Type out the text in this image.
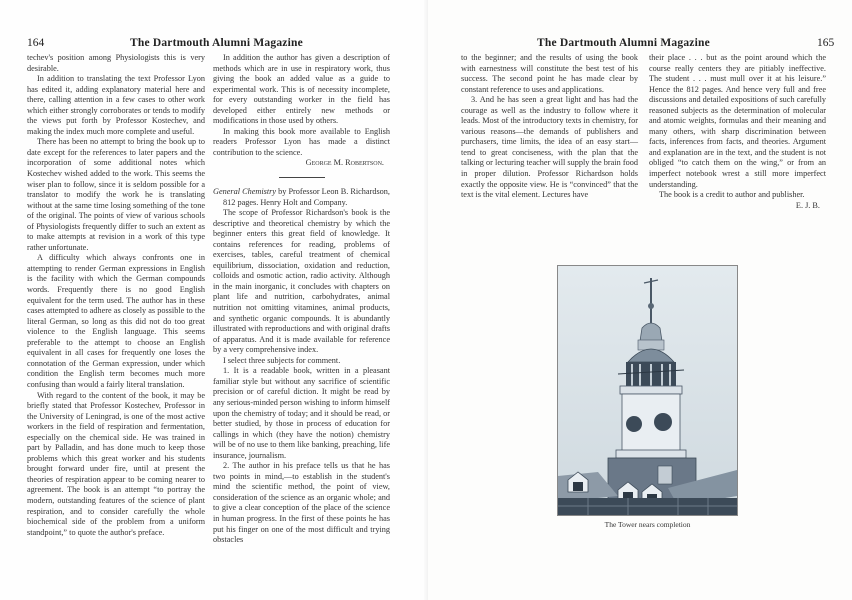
164	The Dartmouth Alumni Magazine

techev's position among Physiologists this is very desirable.

In addition to translating the text Professor Lyon has edited it, adding explanatory material here and there, calling attention in a few cases to other work which either strongly corroborates or tends to modify the views put forth by Professor Kostechev, and making the index much more complete and useful.

There has been no attempt to bring the book up to date except for the references to later papers and the incorporation of some additional notes which Kostechev wished added to the work. This seems the wiser plan to follow, since it is seldom possible for a translator to modify the work he is translating without at the same time losing something of the tone of the original. The points of view of various schools of Physiologists frequently differ to such an extent as to make attempts at revision in a work of this type rather unfortunate.

A difficulty which always confronts one in attempting to render German expressions in English is the facility with which the German compounds words. Frequently there is no good English equivalent for the term used. The author has in these cases attempted to adhere as closely as possible to the literal German, so long as this did not do too great violence to the English language. This seems preferable to the attempt to choose an English equivalent in all cases for frequently one loses the connotation of the German expression, under which condition the English term becomes much more confusing than would a fairly literal translation.

With regard to the content of the book, it may be briefly stated that Professor Kostechev, Professor in the University of Leningrad, is one of the most active workers in the field of respiration and fermentation, especially on the chemical side. He was trained in part by Palladin, and has done much to keep those problems which this great worker and his students brought forward under fire, until at present the theories of respiration appear to be coming nearer to agreement. The book is an attempt “to portray the modern, outstanding features of the science of plant respiration, and to consider carefully the whole biochemical side of the problem from a uniform standpoint,” to quote the author's preface.

In addition the author has given a description of methods which are in use in respiratory work, thus giving the book an added value as a guide to experimental work. This is of necessity incomplete, for every outstanding worker in the field has developed either entirely new methods or modifications in those used by others.

In making this book more available to English readers Professor Lyon has made a distinct contribution to the science.

George M. Robertson.

General Chemistry by Professor Leon B. Richardson, 812 pages. Henry Holt and Company.

The scope of Professor Richardson's book is the descriptive and theoretical chemistry by which the beginner enters this great field of knowledge. It contains references for reading, problems of exercises, tables, careful treatment of chemical equilibrium, dissociation, oxidation and reduction, colloids and osmotic action, radio activity. Although in the main inorganic, it concludes with chapters on plant life and nutrition, carbohydrates, animal nutrition not omitting vitamines, animal products, and synthetic organic compounds. It is abundantly illustrated with reproductions and with original drafts of apparatus. And it is made available for reference by a very comprehensive index.

I select three subjects for comment.

1. It is a readable book, written in a pleasant familiar style but without any sacrifice of scientific precision or of careful diction. It might be read by any serious-minded person wishing to inform himself upon the chemistry of today; and it should be read, or better studied, by those in process of education for callings in which (they have the notion) chemistry will be of no use to them like banking, preaching, life insurance, journalism.

2. The author in his preface tells us that he has two points in mind,—to establish in the student's mind the scientific method, the point of view, consideration of the science as an organic whole; and to give a clear conception of the place of the science in human progress. In the first of these points he has put his finger on one of the most difficult and trying obstacles

The Dartmouth Alumni Magazine	165

to the beginner; and the results of using the book with earnestness will constitute the best test of his success. The second point he has made clear by constant reference to uses and applications.

3. And he has seen a great light and has had the courage as well as the industry to follow where it leads. Most of the introductory texts in chemistry, for various reasons—the demands of publishers and purchasers, time limits, the idea of an easy start—tend to great conciseness, with the plan that the talking or lecturing teacher will supply the brain food in proper dilution. Professor Richardson holds exactly the opposite view. He is “convinced” that the text is the vital element. Lectures have

their place . . . but as the point around which the course really centers they are pitiably ineffective. The student . . . must mull over it at his leisure.” Hence the 812 pages. And hence very full and free discussions and detailed expositions of such carefully reasoned subjects as the determination of molecular and atomic weights, formulas and their meaning and many others, with sharp discrimination between facts, inferences from facts, and theories. Argument and explanation are in the text, and the student is not obliged “to catch them on the wing,” or from an imperfect notebook wrest a still more imperfect understanding.

The book is a credit to author and publisher.

E. J. B.
The Tower nears completion
